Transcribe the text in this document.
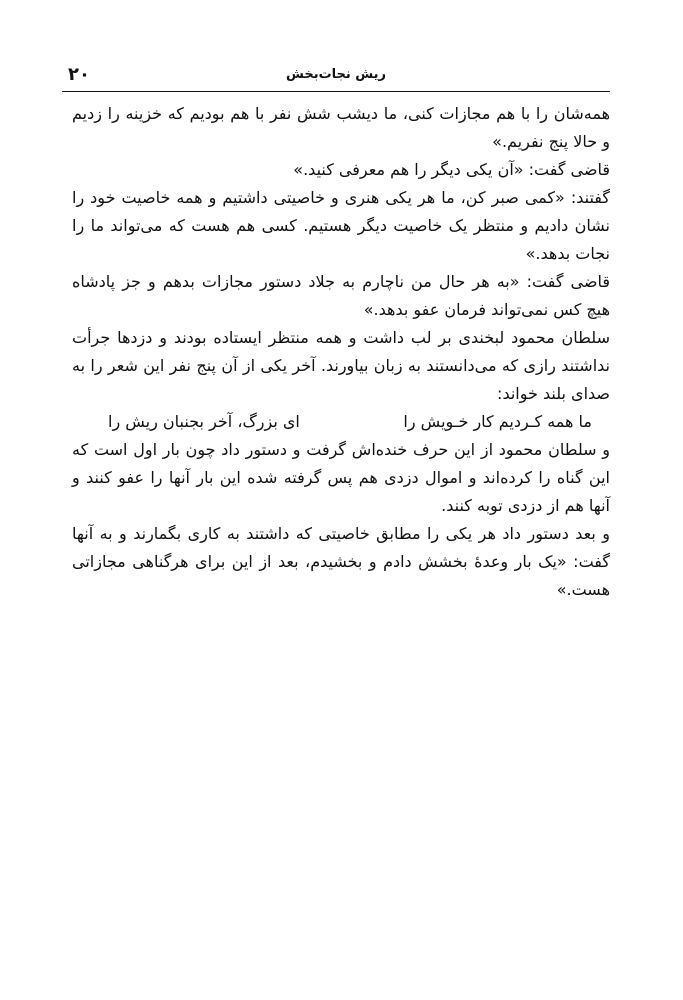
۲۰	ریش نجات‌بخش

همه‌شان را با هم مجازات کنی، ما دیشب شش نفر با هم بودیم که خزینه را زدیم و حالا پنج نفریم.»

قاضی گفت: «آن یکی دیگر را هم معرفی کنید.»

گفتند: «کمی صبر کن، ما هر یکی هنری و خاصیتی داشتیم و همه خاصیت خود را نشان دادیم و منتظر یک خاصیت دیگر هستیم. کسی هم هست که می‌تواند ما را نجات بدهد.»

قاضی گفت: «به هر حال من ناچارم به جلاد دستور مجازات بدهم و جز پادشاه هیچ کس نمی‌تواند فرمان عفو بدهد.»

سلطان محمود لبخندی بر لب داشت و همه منتظر ایستاده بودند و دزدها جرأت نداشتند رازی که می‌دانستند به زبان بیاورند. آخر یکی از آن پنج نفر این شعر را به صدای بلند خواند:

ما همه کـردیم کار خـویش را
ای بزرگ، آخر بجنبان ریش را

و سلطان محمود از این حرف خنده‌اش گرفت و دستور داد چون بار اول است که این گناه را کرده‌اند و اموال دزدی هم پس گرفته شده این بار آنها را عفو کنند و آنها هم از دزدی توبه کنند.

و بعد دستور داد هر یکی را مطابق خاصیتی که داشتند به کاری بگمارند و به آنها گفت: «یک بار وعدهٔ بخشش دادم و بخشیدم، بعد از این برای هرگناهی مجازاتی هست.»
